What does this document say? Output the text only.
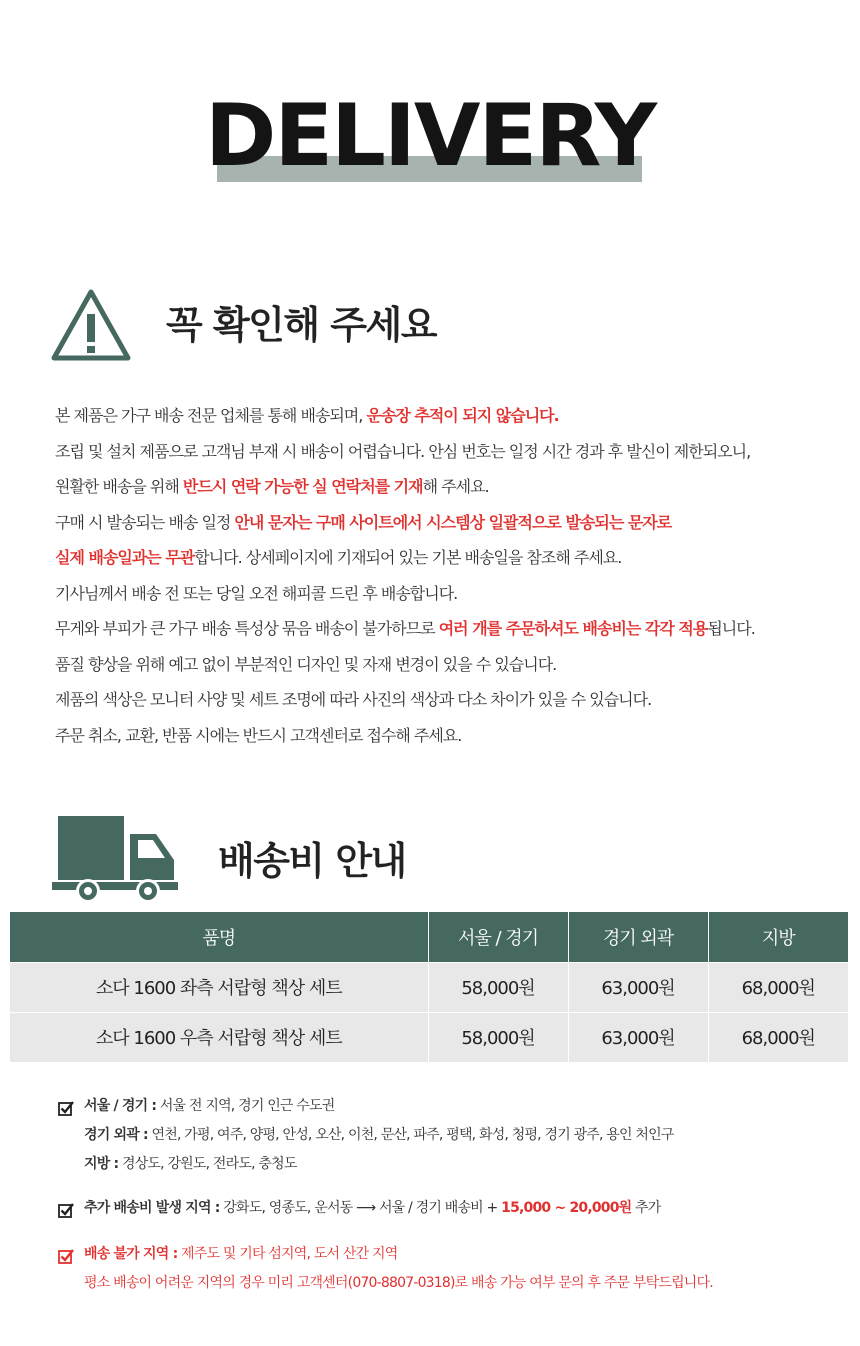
DELIVERY
꼭 확인해 주세요

본 제품은 가구 배송 전문 업체를 통해 배송되며, 운송장 추적이 되지 않습니다.

조립 및 설치 제품으로 고객님 부재 시 배송이 어렵습니다. 안심 번호는 일정 시간 경과 후 발신이 제한되오니,

원활한 배송을 위해 반드시 연락 가능한 실 연락처를 기재해 주세요.

구매 시 발송되는 배송 일정 안내 문자는 구매 사이트에서 시스템상 일괄적으로 발송되는 문자로

실제 배송일과는 무관합니다. 상세페이지에 기재되어 있는 기본 배송일을 참조해 주세요.

기사님께서 배송 전 또는 당일 오전 해피콜 드린 후 배송합니다.

무게와 부피가 큰 가구 배송 특성상 묶음 배송이 불가하므로 여러 개를 주문하셔도 배송비는 각각 적용됩니다.

품질 향상을 위해 예고 없이 부분적인 디자인 및 자재 변경이 있을 수 있습니다.

제품의 색상은 모니터 사양 및 세트 조명에 따라 사진의 색상과 다소 차이가 있을 수 있습니다.

주문 취소, 교환, 반품 시에는 반드시 고객센터로 접수해 주세요.

배송비 안내
품명	서울 / 경기	경기 외곽	지방
소다 1600 좌측 서랍형 책상 세트	58,000원	63,000원	68,000원
소다 1600 우측 서랍형 책상 세트	58,000원	63,000원	68,000원
서울 / 경기 : 서울 전 지역, 경기 인근 수도권
경기 외곽 : 연천, 가평, 여주, 양평, 안성, 오산, 이천, 문산, 파주, 평택, 화성, 청평, 경기 광주, 용인 처인구
지방 : 경상도, 강원도, 전라도, 충청도
추가 배송비 발생 지역 : 강화도, 영종도, 운서동 ⟶ 서울 / 경기 배송비 + 15,000 ~ 20,000원 추가
배송 불가 지역 : 제주도 및 기타 섬지역, 도서 산간 지역
평소 배송이 어려운 지역의 경우 미리 고객센터(070-8807-0318)로 배송 가능 여부 문의 후 주문 부탁드립니다.
